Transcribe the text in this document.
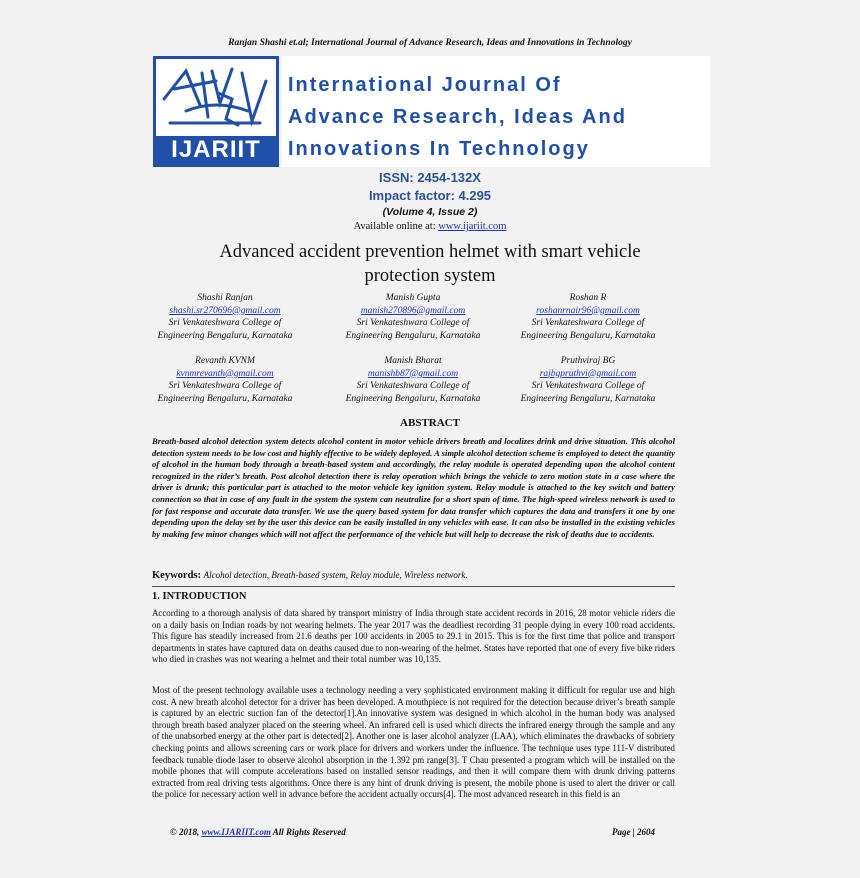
Ranjan Shashi et.al; International Journal of Advance Research, Ideas and Innovations in Technology
IJARIIT
International Journal Of
Advance Research, Ideas And
Innovations In Technology
ISSN: 2454-132X
Impact factor: 4.295
(Volume 4, Issue 2)
Available online at: www.ijariit.com
Advanced accident prevention helmet with smart vehicle
protection system
Shashi Ranjan
shashi.sr270696@gmail.com
Sri Venkateshwara College of
Engineering Bengaluru, Karnataka
Manish Gupta
manish270896@gmail.com
Sri Venkateshwara College of
Engineering Bengaluru, Karnataka
Roshan R
roshanrnair96@gmail.com
Sri Venkateshwara College of
Engineering Bengaluru, Karnataka
Revanth KVNM
kvnmrevanth@gmail.com
Sri Venkateshwara College of
Engineering Bengaluru, Karnataka
Manish Bharat
manishb87@gmail.com
Sri Venkateshwara College of
Engineering Bengaluru, Karnataka
Pruthviraj BG
rajbgpruthvi@gmail.com
Sri Venkateshwara College of
Engineering Bengaluru, Karnataka
ABSTRACT
Breath-based alcohol detection system detects alcohol content in motor vehicle drivers breath and localizes drink and drive situation. This alcohol detection system needs to be low cost and highly effective to be widely deployed. A simple alcohol detection scheme is employed to detect the quantity of alcohol in the human body through a breath-based system and accordingly, the relay module is operated depending upon the alcohol content recognized in the rider’s breath. Post alcohol detection there is relay operation which brings the vehicle to zero motion state in a case where the driver is drunk; this particular part is attached to the motor vehicle key ignition system. Relay module is attached to the key switch and battery connection so that in case of any fault in the system the system can neutralize for a short span of time. The high-speed wireless network is used to for fast response and accurate data transfer. We use the query based system for data transfer which captures the data and transfers it one by one depending upon the delay set by the user this device can be easily installed in any vehicles with ease. It can also be installed in the existing vehicles by making few minor changes which will not affect the performance of the vehicle but will help to decrease the risk of deaths due to accidents.
Keywords: Alcohol detection, Breath-based system, Relay module, Wireless network.
1. INTRODUCTION
According to a thorough analysis of data shared by transport ministry of India through state accident records in 2016, 28 motor vehicle riders die on a daily basis on Indian roads by not wearing helmets. The year 2017 was the deadliest recording 31 people dying in every 100 road accidents. This figure has steadily increased from 21.6 deaths per 100 accidents in 2005 to 29.1 in 2015. This is for the first time that police and transport departments in states have captured data on deaths caused due to non-wearing of the helmet. States have reported that one of every five bike riders who died in crashes was not wearing a helmet and their total number was 10,135.
Most of the present technology available uses a technology needing a very sophisticated environment making it difficult for regular use and high cost. A new breath alcohol detector for a driver has been developed. A mouthpiece is not required for the detection because driver’s breath sample is captured by an electric suction fan of the detector[1].An innovative system was designed in which alcohol in the human body was analysed through breath based analyzer placed on the steering wheel. An infrared cell is used which directs the infrared energy through the sample and any of the unabsorbed energy at the other part is detected[2]. Another one is laser alcohol analyzer (LAA), which eliminates the drawbacks of sobriety checking points and allows screening cars or work place for drivers and workers under the influence. The technique uses type 111-V distributed feedback tunable diode laser to observe alcohol absorption in the 1.392 pm range[3]. T Chau presented a program which will be installed on the mobile phones that will compute accelerations based on installed sensor readings, and then it will compare them with drunk driving patterns extracted from real driving tests algorithms. Once there is any hint of drunk driving is present, the mobile phone is used to alert the driver or call the police for necessary action well in advance before the accident actually occurs[4]. The most advanced research in this field is an
© 2018, www.IJARIIT.com All Rights Reserved	Page | 2604
